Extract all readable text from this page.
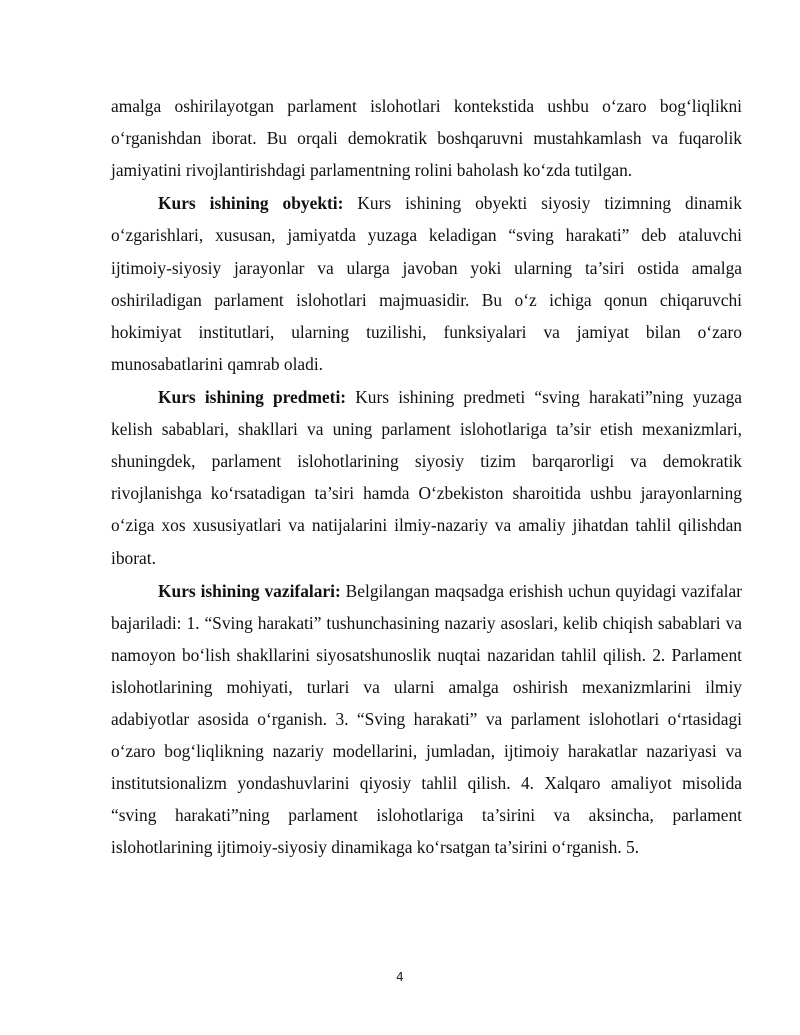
amalga oshirilayotgan parlament islohotlari kontekstida ushbu o‘zaro bog‘liqlikni o‘rganishdan iborat. Bu orqali demokratik boshqaruvni mustahkamlash va fuqarolik jamiyatini rivojlantirishdagi parlamentning rolini baholash ko‘zda tutilgan.

Kurs ishining obyekti: Kurs ishining obyekti siyosiy tizimning dinamik o‘zgarishlari, xususan, jamiyatda yuzaga keladigan “sving harakati” deb ataluvchi ijtimoiy-siyosiy jarayonlar va ularga javoban yoki ularning ta’siri ostida amalga oshiriladigan parlament islohotlari majmuasidir. Bu o‘z ichiga qonun chiqaruvchi hokimiyat institutlari, ularning tuzilishi, funksiyalari va jamiyat bilan o‘zaro munosabatlarini qamrab oladi.

Kurs ishining predmeti: Kurs ishining predmeti “sving harakati”ning yuzaga kelish sabablari, shakllari va uning parlament islohotlariga ta’sir etish mexanizmlari, shuningdek, parlament islohotlarining siyosiy tizim barqarorligi va demokratik rivojlanishga ko‘rsatadigan ta’siri hamda O‘zbekiston sharoitida ushbu jarayonlarning o‘ziga xos xususiyatlari va natijalarini ilmiy-nazariy va amaliy jihatdan tahlil qilishdan iborat.

Kurs ishining vazifalari: Belgilangan maqsadga erishish uchun quyidagi vazifalar bajariladi: 1. “Sving harakati” tushunchasining nazariy asoslari, kelib chiqish sabablari va namoyon bo‘lish shakllarini siyosatshunoslik nuqtai nazaridan tahlil qilish. 2. Parlament islohotlarining mohiyati, turlari va ularni amalga oshirish mexanizmlarini ilmiy adabiyotlar asosida o‘rganish. 3. “Sving harakati” va parlament islohotlari o‘rtasidagi o‘zaro bog‘liqlikning nazariy modellarini, jumladan, ijtimoiy harakatlar nazariyasi va institutsionalizm yondashuvlarini qiyosiy tahlil qilish. 4. Xalqaro amaliyot misolida “sving harakati”ning parlament islohotlariga ta’sirini va aksincha, parlament islohotlarining ijtimoiy-siyosiy dinamikaga ko‘rsatgan ta’sirini o‘rganish. 5.

4
